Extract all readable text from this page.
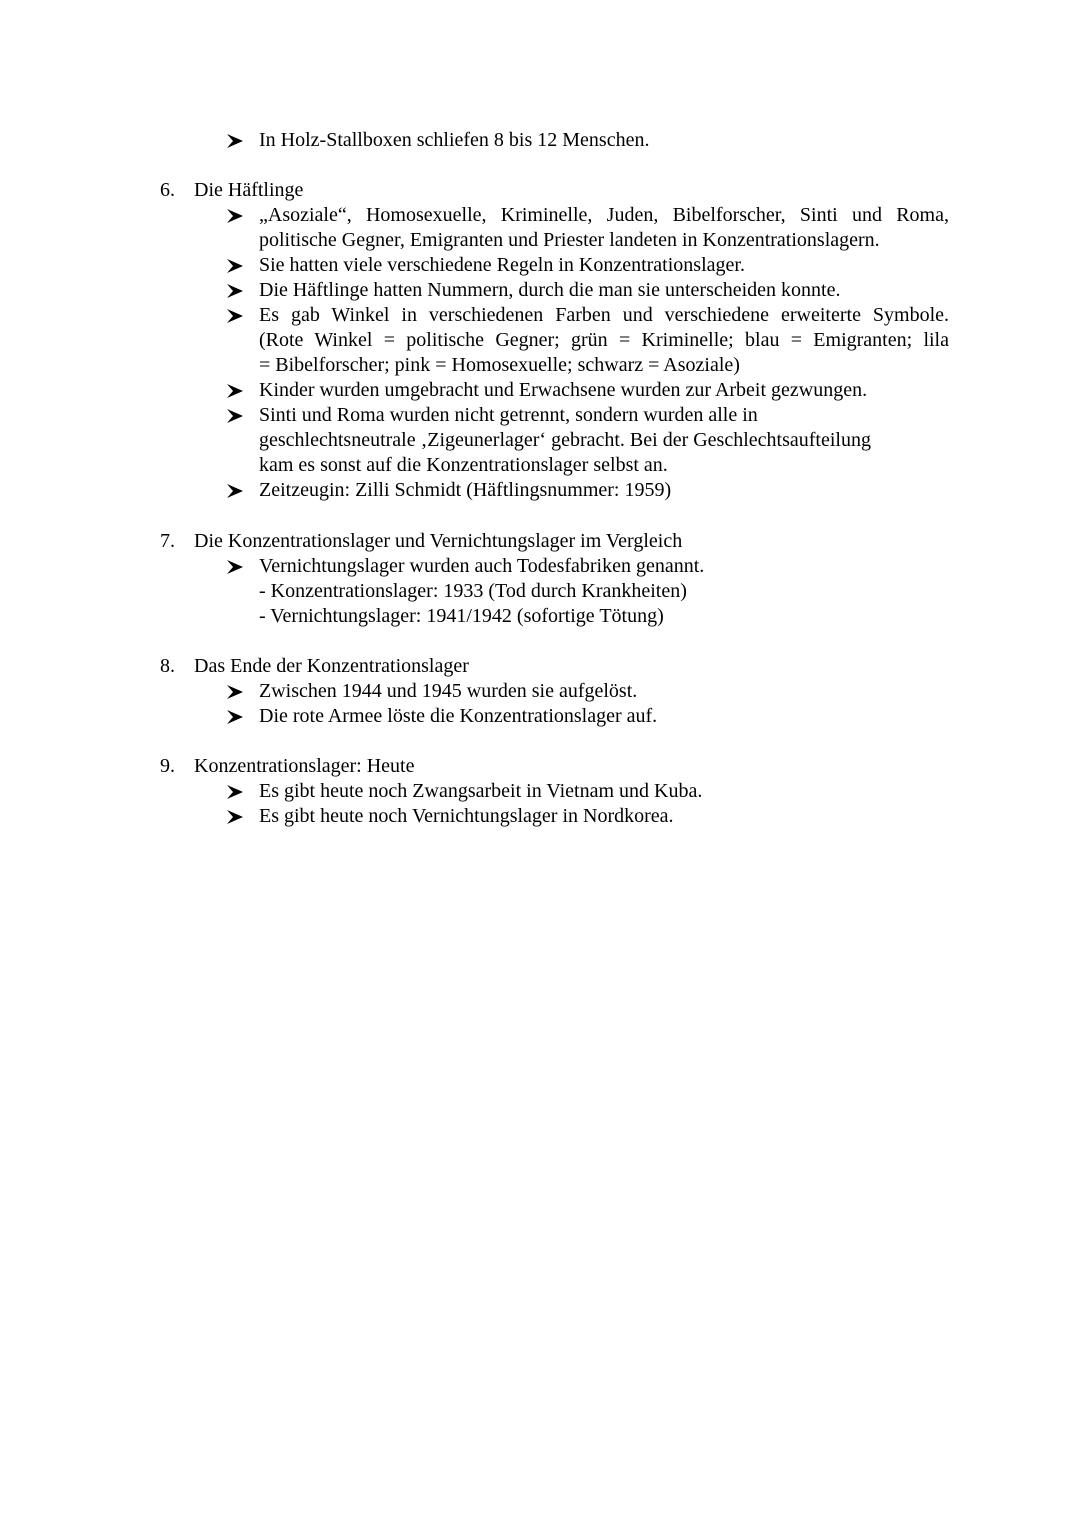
In Holz-Stallboxen schliefen 8 bis 12 Menschen.
6. Die Häftlinge
„Asoziale“, Homosexuelle, Kriminelle, Juden, Bibelforscher, Sinti und Roma,
politische Gegner, Emigranten und Priester landeten in Konzentrationslagern.
Sie hatten viele verschiedene Regeln in Konzentrationslager.
Die Häftlinge hatten Nummern, durch die man sie unterscheiden konnte.
Es gab Winkel in verschiedenen Farben und verschiedene erweiterte Symbole.
(Rote Winkel = politische Gegner; grün = Kriminelle; blau = Emigranten; lila
= Bibelforscher; pink = Homosexuelle; schwarz = Asoziale)
Kinder wurden umgebracht und Erwachsene wurden zur Arbeit gezwungen.
Sinti und Roma wurden nicht getrennt, sondern wurden alle in
geschlechtsneutrale ‚Zigeunerlager‘ gebracht. Bei der Geschlechtsaufteilung
kam es sonst auf die Konzentrationslager selbst an.
Zeitzeugin: Zilli Schmidt (Häftlingsnummer: 1959)
7. Die Konzentrationslager und Vernichtungslager im Vergleich
Vernichtungslager wurden auch Todesfabriken genannt.
- Konzentrationslager: 1933 (Tod durch Krankheiten)
- Vernichtungslager: 1941/1942 (sofortige Tötung)
8. Das Ende der Konzentrationslager
Zwischen 1944 und 1945 wurden sie aufgelöst.
Die rote Armee löste die Konzentrationslager auf.
9. Konzentrationslager: Heute
Es gibt heute noch Zwangsarbeit in Vietnam und Kuba.
Es gibt heute noch Vernichtungslager in Nordkorea.
